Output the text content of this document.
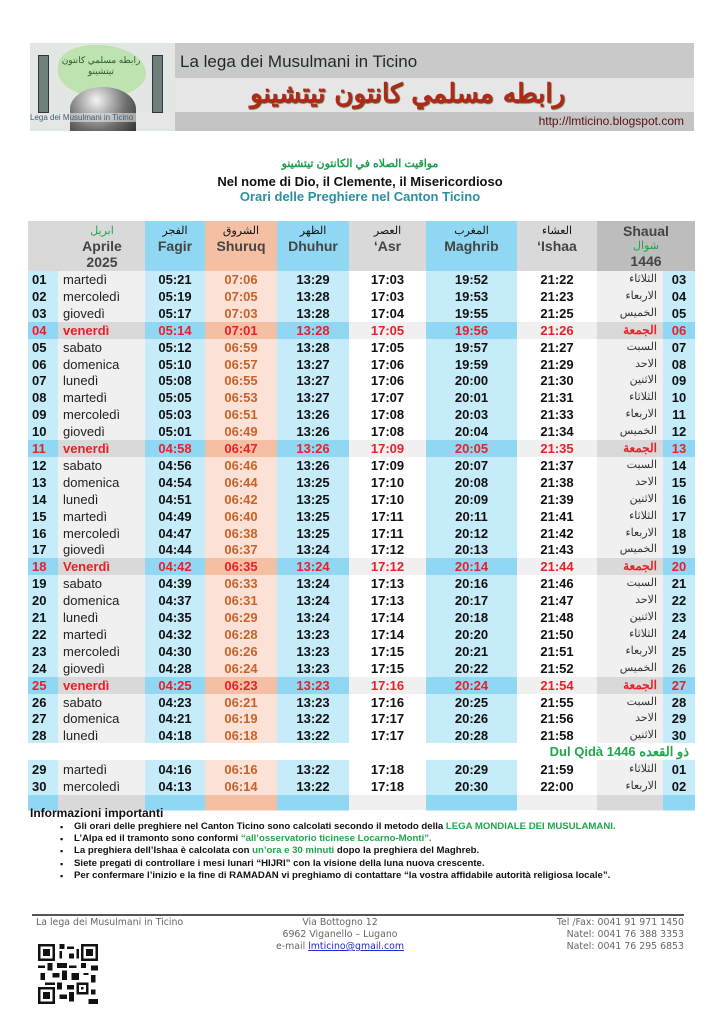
رابطه مسلمي كانتون تيتشينو
Lega dei Musulmani in Ticino
La lega dei Musulmani in Ticino
رابطه مسلمي كانتون تيتشينو
http://lmticino.blogspot.com
مواقيت الصلاه في الكانتون تيتشينو
Nel nome di Dio, il Clemente, il Misericordioso
Orari delle Preghiere nel Canton Ticino
ابريل
Aprile
2025
الفجر
Fagir
الشروق
Shuruq
الظهر
Dhuhur
العصر
‘Asr
المغرب
Maghrib
العشاء
‘Ishaa
Shaual
شوال
1446
01	martedì	05:21	07:06	13:29	17:03	19:52	21:22	الثلاثاء	03
02	mercoledì	05:19	07:05	13:28	17:03	19:53	21:23	الاربعاء	04
03	giovedì	05:17	07:03	13:28	17:04	19:55	21:25	الخميس	05
04	venerdì	05:14	07:01	13:28	17:05	19:56	21:26	الجمعة	06
05	sabato	05:12	06:59	13:28	17:05	19:57	21:27	السبت	07
06	domenica	05:10	06:57	13:27	17:06	19:59	21:29	الاحد	08
07	lunedì	05:08	06:55	13:27	17:06	20:00	21:30	الاثنين	09
08	martedì	05:05	06:53	13:27	17:07	20:01	21:31	الثلاثاء	10
09	mercoledì	05:03	06:51	13:26	17:08	20:03	21:33	الاربعاء	11
10	giovedì	05:01	06:49	13:26	17:08	20:04	21:34	الخميس	12
11	venerdì	04:58	06:47	13:26	17:09	20:05	21:35	الجمعة	13
12	sabato	04:56	06:46	13:26	17:09	20:07	21:37	السبت	14
13	domenica	04:54	06:44	13:25	17:10	20:08	21:38	الاحد	15
14	lunedì	04:51	06:42	13:25	17:10	20:09	21:39	الاثنين	16
15	martedì	04:49	06:40	13:25	17:11	20:11	21:41	الثلاثاء	17
16	mercoledì	04:47	06:38	13:25	17:11	20:12	21:42	الاربعاء	18
17	giovedì	04:44	06:37	13:24	17:12	20:13	21:43	الخميس	19
18	Venerdì	04:42	06:35	13:24	17:12	20:14	21:44	الجمعة	20
19	sabato	04:39	06:33	13:24	17:13	20:16	21:46	السبت	21
20	domenica	04:37	06:31	13:24	17:13	20:17	21:47	الاحد	22
21	lunedì	04:35	06:29	13:24	17:14	20:18	21:48	الاثنين	23
22	martedì	04:32	06:28	13:23	17:14	20:20	21:50	الثلاثاء	24
23	mercoledì	04:30	06:26	13:23	17:15	20:21	21:51	الاربعاء	25
24	giovedì	04:28	06:24	13:23	17:15	20:22	21:52	الخميس	26
25	venerdì	04:25	06:23	13:23	17:16	20:24	21:54	الجمعة	27
26	sabato	04:23	06:21	13:23	17:16	20:25	21:55	السبت	28
27	domenica	04:21	06:19	13:22	17:17	20:26	21:56	الاحد	29
28	lunedì	04:18	06:18	13:22	17:17	20:28	21:58	الاثنين	30
29	martedì	04:16	06:16	13:22	17:18	20:29	21:59	الثلاثاء	01
30	mercoledì	04:13	06:14	13:22	17:18	20:30	22:00	الاربعاء	02
Dul Qidà 1446 ذو القعده
Informazioni importanti
▪ Gli orari delle preghiere nel Canton Ticino sono calcolati secondo il metodo della LEGA MONDIALE DEI MUSULAMANI.
▪ L’Alpa ed il tramonto sono conformi “all’osservatorio ticinese Locarno-Monti”.
▪ La preghiera dell’Ishaa è calcolata con un’ora e 30 minuti dopo la preghiera del Maghreb.
▪ Siete pregati di controllare i mesi lunari “HIJRI” con la visione della luna nuova crescente.
▪ Per confermare l’inizio e la fine di RAMADAN vi preghiamo di contattare “la vostra affidabile autorità religiosa locale”.
La lega dei Musulmani in Ticino	Via Bottogno 12
6962 Viganello – Lugano
e-mail lmticino@gmail.com
Tel /Fax: 0041 91 971 1450
Natel: 0041 76 388 3353
Natel: 0041 76 295 6853
